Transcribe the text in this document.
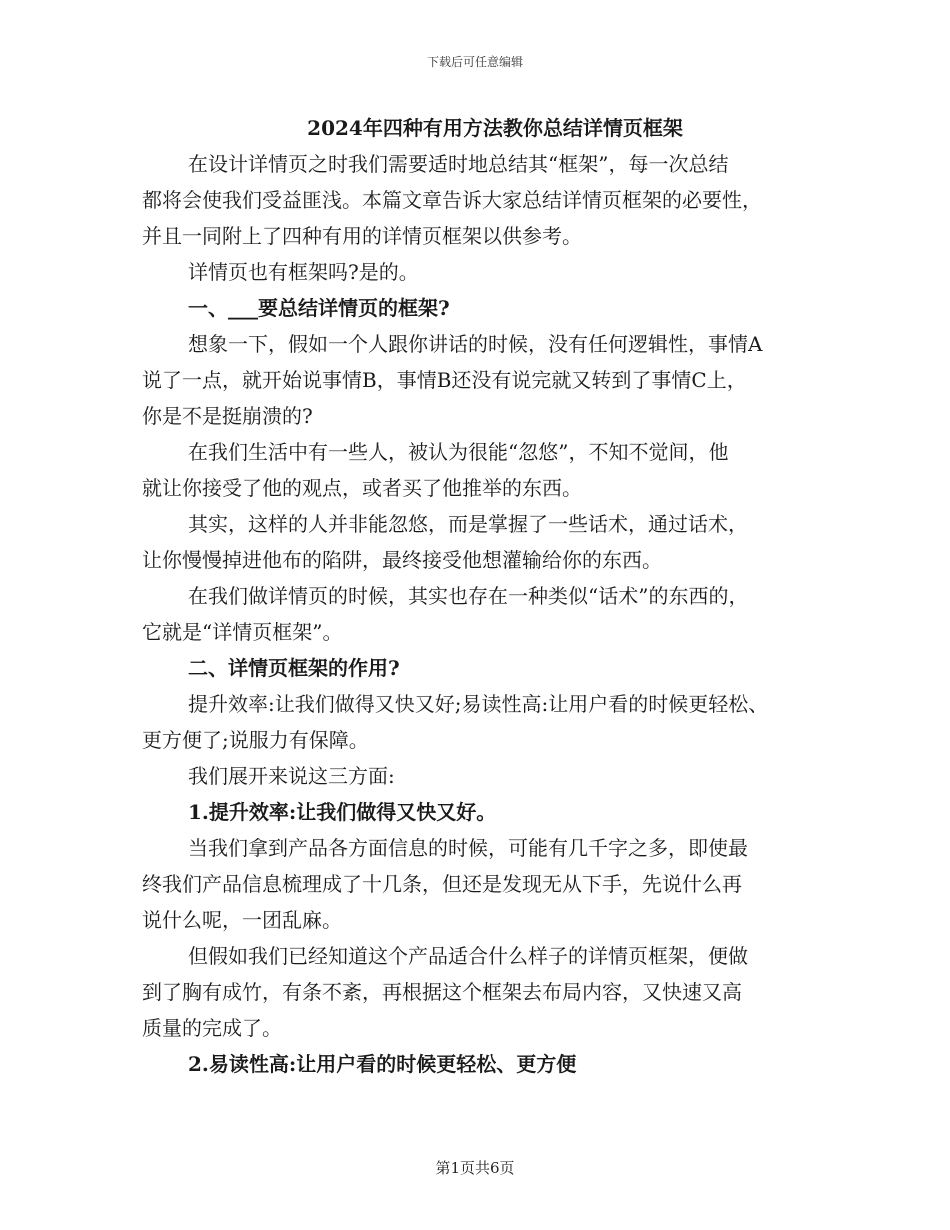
下载后可任意编辑
2024年四种有用方法教你总结详情页框架
在设计详情页之时我们需要适时地总结其“框架”，每一次总结
都将会使我们受益匪浅。本篇文章告诉大家总结详情页框架的必要性，
并且一同附上了四种有用的详情页框架以供参考。
详情页也有框架吗?是的。
一、___要总结详情页的框架?
想象一下，假如一个人跟你讲话的时候，没有任何逻辑性，事情A
说了一点，就开始说事情B，事情B还没有说完就又转到了事情C上，
你是不是挺崩溃的?
在我们生活中有一些人，被认为很能“忽悠”，不知不觉间，他
就让你接受了他的观点，或者买了他推举的东西。
其实，这样的人并非能忽悠，而是掌握了一些话术，通过话术，
让你慢慢掉进他布的陷阱，最终接受他想灌输给你的东西。
在我们做详情页的时候，其实也存在一种类似“话术”的东西的，
它就是“详情页框架”。
二、详情页框架的作用?
提升效率:让我们做得又快又好;易读性高:让用户看的时候更轻松、
更方便了;说服力有保障。
我们展开来说这三方面:
1.提升效率:让我们做得又快又好。
当我们拿到产品各方面信息的时候，可能有几千字之多，即使最
终我们产品信息梳理成了十几条，但还是发现无从下手，先说什么再
说什么呢，一团乱麻。
但假如我们已经知道这个产品适合什么样子的详情页框架，便做
到了胸有成竹，有条不紊，再根据这个框架去布局内容，又快速又高
质量的完成了。
2.易读性高:让用户看的时候更轻松、更方便
第1页共6页
